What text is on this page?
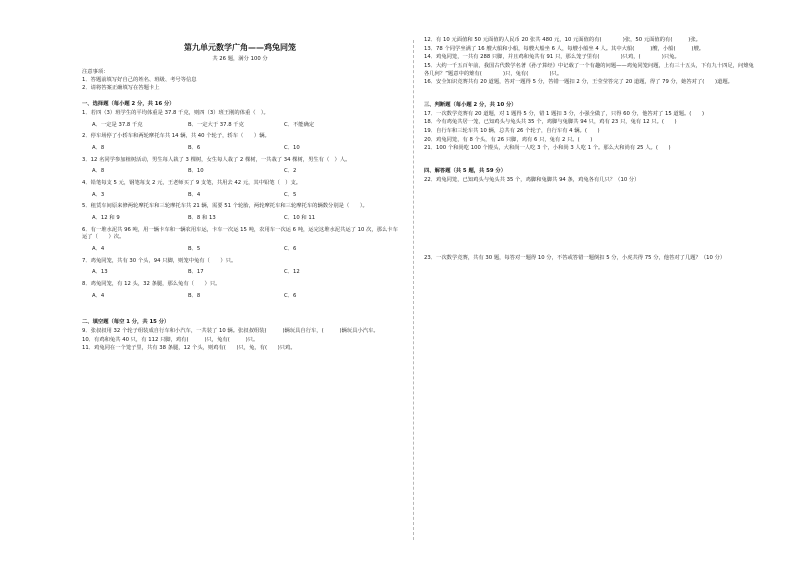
第九单元数学广角——鸡兔同笼
共 26 题，满分 100 分
注意事项：
1．答题前填写好自己的姓名、班级、考号等信息
2．请将答案正确填写在答题卡上
一、选择题（每小题 2 分，共 16 分）
1．若四（3）班学生的平均体重是 37.8 千克，则四（3）班王刚的体重（　）。
A．一定是 37.8 千克	B．一定大于 37.8 千克	C．不能确定
2．停车场停了小轿车和两轮摩托车共 14 辆，共 40 个轮子，轿车（　　）辆。
A．8	B．6	C．10
3．12 名同学参加植树活动，男生每人栽了 3 棵树，女生每人栽了 2 棵树，一共栽了 34 棵树，男生有（　）人。
A．8	B．10	C．2
4．铅笔每支 5 元，钢笔每支 2 元，王老师买了 9 支笔，共用去 42 元，其中铅笔（　）支。
A．3	B．4	C．5
5．租赁车间原来修两轮摩托车和三轮摩托车共 21 辆，需要 51 个轮胎，两轮摩托车和三轮摩托车的辆数分别是（　　）。
A．12 和 9	B．8 和 13	C．10 和 11
6．有一堆水泥共 96 吨，用一辆卡车和一辆农用车运，卡车一次运 15 吨，农用车一次运 6 吨，运完这堆水泥共运了 10 次，那么卡车运了（　　）次。
A．4	B．5	C．6
7．鸡兔同笼，共有 30 个头，94 只脚，则笼中兔有（　　）只。
A．13	B．17	C．12
8．鸡兔同笼，有 12 头，32 条腿，那么兔有（　　）只。
A．4	B．8	C．6
二、填空题（每空 1 分，共 15 分）
9．张叔叔用 32 个轮子组装成自行车和小汽车，一共装了 10 辆。张叔叔组装(　　　)辆玩具自行车，(　　　)辆玩具小汽车。
10．有鸡和兔共 40 只，有 112 只脚，鸡有(　　　)只，兔有(　　　)只。
11．鸡兔同在一个笼子里，共有 38 条腿，12 个头，则鸡有(　　)只，兔，有(　　)只鸡。
12．有 10 元面值和 50 元面值的人民币 20 张共 480 元，10 元面值的有(　　　　)张，50 元面值的有(　　　)张。
13．78 个同学坐满了 16 艘大船和小船，每艘大船坐 6 人，每艘小船坐 4 人。其中大船(　　　)艘，小船(　　　)艘。
14．鸡兔同笼，一共有 288 只脚，并且鸡和兔共有 91 只，那么笼子里有(　　　　)只鸡，(　　　　)只兔。
15．大约一千五百年前，我国古代数学名著《孙子算经》中记载了一个有趣的问题——鸡兔同笼问题，上有三十五头，下有九十四足，问雉兔各几何？”题意中的雉有(　　　　)只，兔有(　　　　)只。
16．安全知识竞赛共有 20 道题，答对一题得 5 分，答错一题扣 2 分，王莹莹答完了 20 道题，得了 79 分，她答对了(　　)道题。
三、判断题（每小题 2 分，共 10 分）
17．一次数学竞赛有 20 道题，对 1 题得 5 分，错 1 题扣 3 分，小强全做了，只得 60 分，他答对了 15 道题。(　　)
18．今有鸡兔共居一笼，已知鸡头与兔头共 35 个，鸡脚与兔脚共 94 只，鸡有 23 只，兔有 12 只。(　　)
19．自行车和三轮车共 10 辆，总共有 26 个轮子，自行车有 4 辆。(　　)
20．鸡兔同笼，有 8 个头，有 26 只脚，鸡有 6 只，兔有 2 只。(　　)
21．100 个和尚吃 100 个馒头，大和尚一人吃 3 个，小和尚 3 人吃 1 个。那么大和尚有 25 人。(　　)
四、解答题（共 5 题，共 59 分）
22．鸡兔同笼，已知鸡头与兔头共 35 个，鸡脚和兔脚共 94 条，鸡兔各有几只？（10 分）
23．一次数学竞赛，共有 30 题，每答对一题得 10 分，不答或答错一题倒扣 5 分，小虎共得 75 分，他答对了几题？（10 分）
